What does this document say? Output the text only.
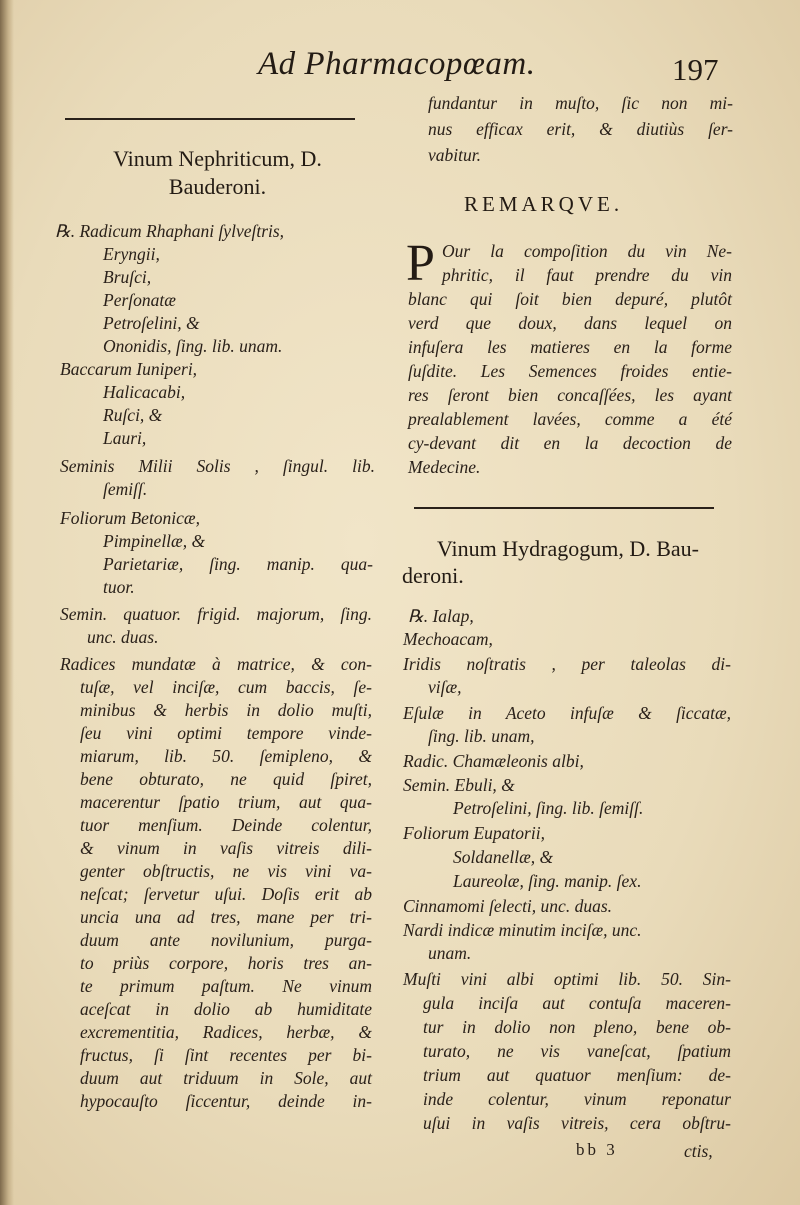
Ad Pharmacopœam.	197
Vinum Nephriticum, D.
Bauderoni.
℞. Radicum Rhaphani ſylveſtris,
Eryngii,
Bruſci,
Perſonatæ
Petroſelini, &
Ononidis, ſing. lib. unam.
Baccarum Iuniperi,
Halicacabi,
Ruſci, &
Lauri,
Seminis Milii Solis , ſingul. lib.
ſemiſſ.
Foliorum Betonicæ,
Pimpinellæ, &
Parietariæ, ſing. manip. qua-
tuor.
Semin. quatuor. frigid. majorum, ſing.
unc. duas.
Radices mundatæ à matrice, & con-
tuſæ, vel inciſæ, cum baccis, ſe-
minibus & herbis in dolio muſti,
ſeu vini optimi tempore vinde-
miarum, lib. 50. ſemipleno, &
bene obturato, ne quid ſpiret,
macerentur ſpatio trium, aut qua-
tuor menſium. Deinde colentur,
& vinum in vaſis vitreis dili-
genter obſtructis, ne vis vini va-
neſcat; ſervetur uſui. Doſis erit ab
uncia una ad tres, mane per tri-
duum ante novilunium, purga-
to priùs corpore, horis tres an-
te primum paſtum. Ne vinum
aceſcat in dolio ab humiditate
excrementitia, Radices, herbæ, &
fructus, ſi ſint recentes per bi-
duum aut triduum in Sole, aut
hypocauſto ſiccentur, deinde in-
fundantur in muſto, ſic non mi-
nus efficax erit, & diutiùs ſer-
vabitur.
REMARQVE.
P Our la compoſition du vin Ne-
phritic, il faut prendre du vin
blanc qui ſoit bien depuré, plutôt
verd que doux, dans lequel on
infuſera les matieres en la forme
ſuſdite. Les Semences froides entie-
res ſeront bien concaſſées, les ayant
prealablement lavées, comme a été
cy-devant dit en la decoction de
Medecine.
Vinum Hydragogum, D. Bau-
deroni.
℞. Ialap,
Mechoacam,
Iridis noſtratis , per taleolas di-
viſæ,
Eſulæ in Aceto infuſæ & ſiccatæ,
ſing. lib. unam,
Radic. Chamæleonis albi,
Semin. Ebuli, &
Petroſelini, ſing. lib. ſemiſſ.
Foliorum Eupatorii,
Soldanellæ, &
Laureolæ, ſing. manip. ſex.
Cinnamomi ſelecti, unc. duas.
Nardi indicæ minutim inciſæ, unc.
unam.
Muſti vini albi optimi lib. 50. Sin-
gula inciſa aut contuſa maceren-
tur in dolio non pleno, bene ob-
turato, ne vis vaneſcat, ſpatium
trium aut quatuor menſium: de-
inde colentur, vinum reponatur
uſui in vaſis vitreis, cera obſtru-
bb 3	ctis,
